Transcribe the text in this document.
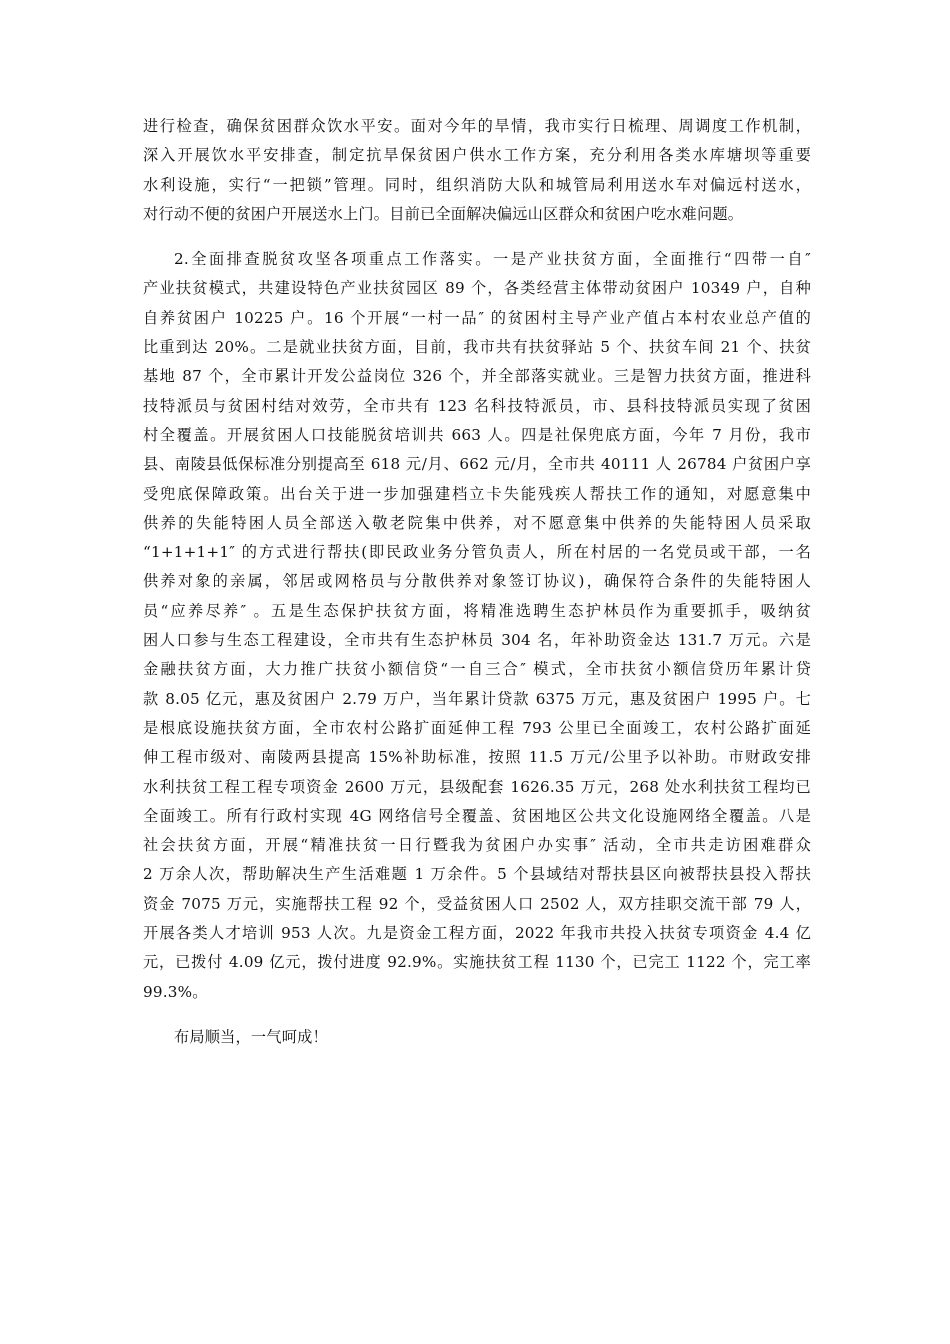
进行检查，确保贫困群众饮水平安。面对今年的旱情，我市实行日梳理、周调度工作机制，
深入开展饮水平安排查，制定抗旱保贫困户供水工作方案，充分利用各类水库塘坝等重要
水利设施，实行“一把锁”管理。同时，组织消防大队和城管局利用送水车对偏远村送水，
对行动不便的贫困户开展送水上门。目前已全面解决偏远山区群众和贫困户吃水难问题。
2.全面排查脱贫攻坚各项重点工作落实。一是产业扶贫方面，全面推行“四带一自″
产业扶贫模式，共建设特色产业扶贫园区 89 个，各类经营主体带动贫困户 10349 户，自种
自养贫困户 10225 户。16 个开展“一村一品″ 的贫困村主导产业产值占本村农业总产值的
比重到达 20%。二是就业扶贫方面，目前，我市共有扶贫驿站 5 个、扶贫车间 21 个、扶贫
基地 87 个，全市累计开发公益岗位 326 个，并全部落实就业。三是智力扶贫方面，推进科
技特派员与贫困村结对效劳，全市共有 123 名科技特派员，市、县科技特派员实现了贫困
村全覆盖。开展贫困人口技能脱贫培训共 663 人。四是社保兜底方面，今年 7 月份，我市
县、南陵县低保标准分别提高至 618 元/月、662 元/月，全市共 40111 人 26784 户贫困户享
受兜底保障政策。出台关于进一步加强建档立卡失能残疾人帮扶工作的通知，对愿意集中
供养的失能特困人员全部送入敬老院集中供养，对不愿意集中供养的失能特困人员采取
“1+1+1+1″ 的方式进行帮扶(即民政业务分管负责人，所在村居的一名党员或干部，一名
供养对象的亲属，邻居或网格员与分散供养对象签订协议)，确保符合条件的失能特困人
员“应养尽养″ 。五是生态保护扶贫方面，将精准选聘生态护林员作为重要抓手，吸纳贫
困人口参与生态工程建设，全市共有生态护林员 304 名，年补助资金达 131.7 万元。六是
金融扶贫方面，大力推广扶贫小额信贷“一自三合″ 模式，全市扶贫小额信贷历年累计贷
款 8.05 亿元，惠及贫困户 2.79 万户，当年累计贷款 6375 万元，惠及贫困户 1995 户。七
是根底设施扶贫方面，全市农村公路扩面延伸工程 793 公里已全面竣工，农村公路扩面延
伸工程市级对、南陵两县提高 15%补助标准，按照 11.5 万元/公里予以补助。市财政安排
水利扶贫工程工程专项资金 2600 万元，县级配套 1626.35 万元，268 处水利扶贫工程均已
全面竣工。所有行政村实现 4G 网络信号全覆盖、贫困地区公共文化设施网络全覆盖。八是
社会扶贫方面，开展“精准扶贫一日行暨我为贫困户办实事″ 活动，全市共走访困难群众
2 万余人次，帮助解决生产生活难题 1 万余件。5 个县域结对帮扶县区向被帮扶县投入帮扶
资金 7075 万元，实施帮扶工程 92 个，受益贫困人口 2502 人，双方挂职交流干部 79 人，
开展各类人才培训 953 人次。九是资金工程方面，2022 年我市共投入扶贫专项资金 4.4 亿
元，已拨付 4.09 亿元，拨付进度 92.9%。实施扶贫工程 1130 个，已完工 1122 个，完工率
99.3%。
布局顺当，一气呵成！
